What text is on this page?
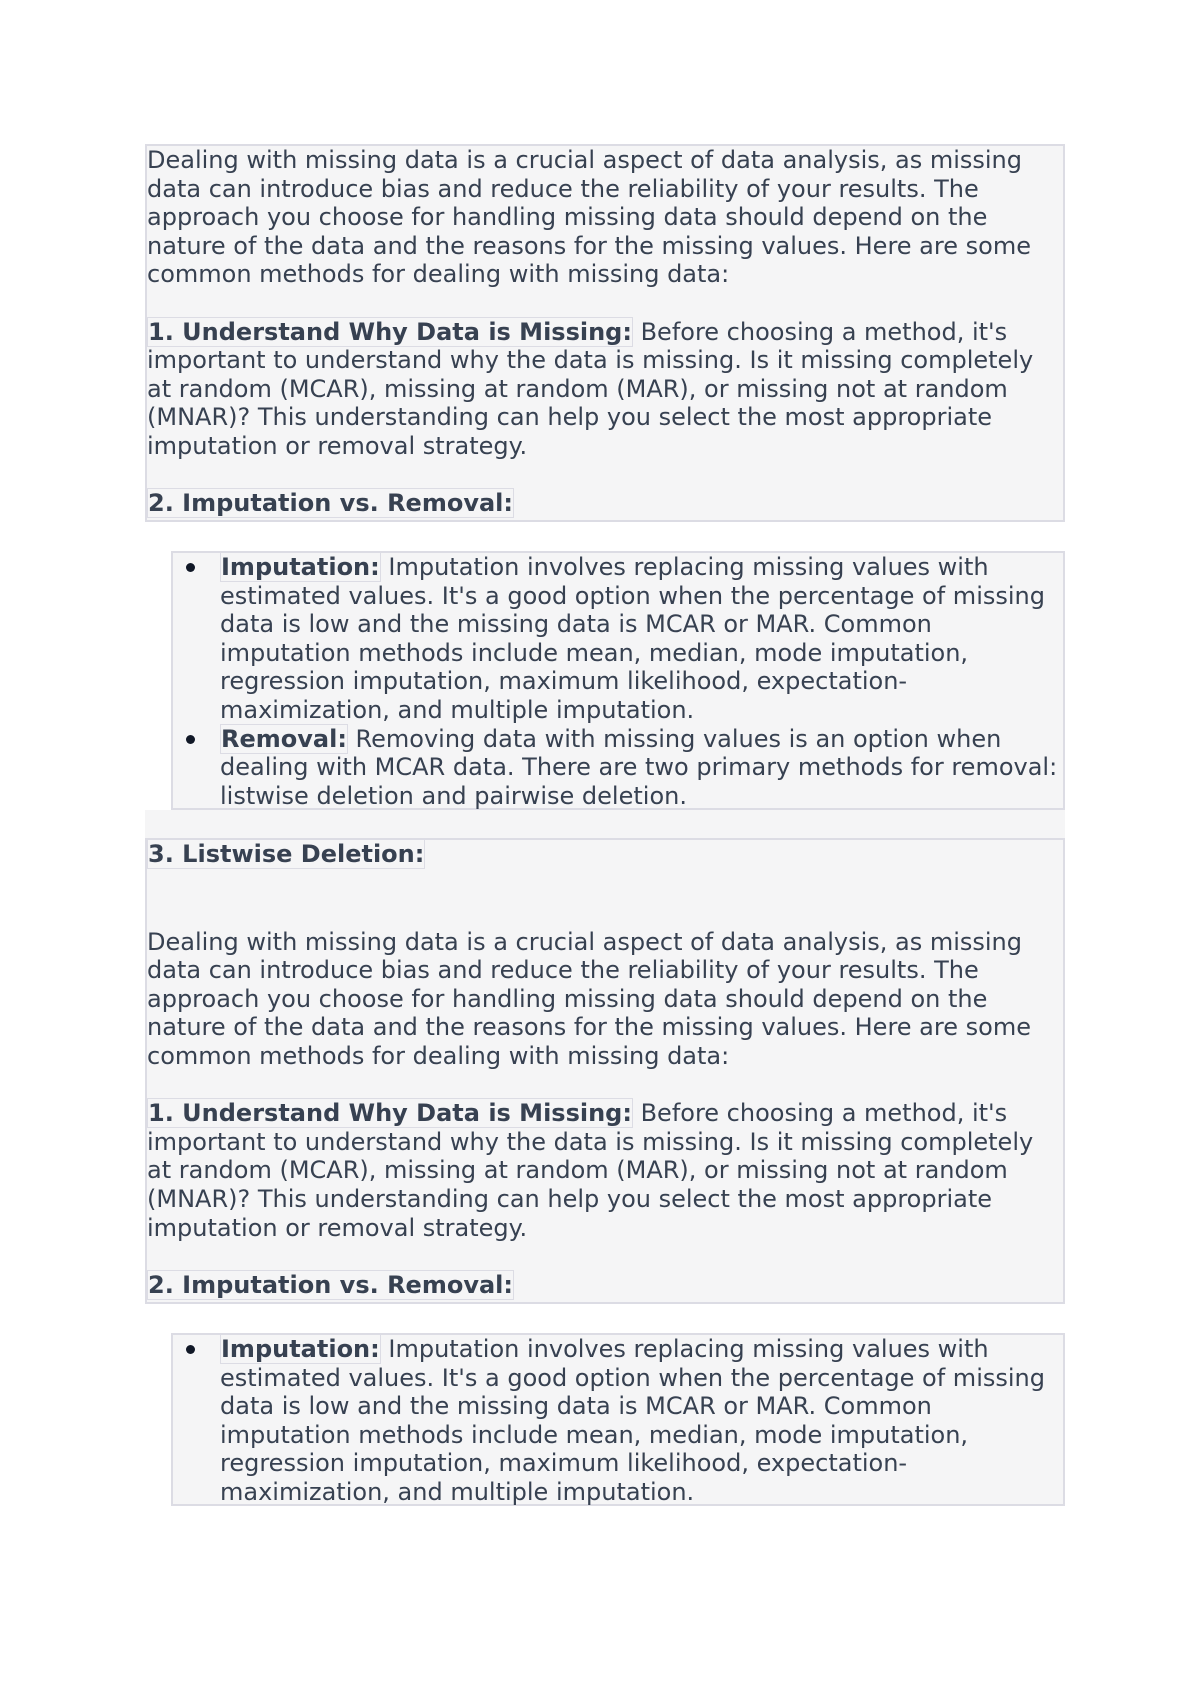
Dealing with missing data is a crucial aspect of data analysis, as missing data can introduce bias and reduce the reliability of your results. The approach you choose for handling missing data should depend on the nature of the data and the reasons for the missing values. Here are some common methods for dealing with missing data:

1. Understand Why Data is Missing: Before choosing a method, it's important to understand why the data is missing. Is it missing completely at random (MCAR), missing at random (MAR), or missing not at random (MNAR)? This understanding can help you select the most appropriate imputation or removal strategy.

2. Imputation vs. Removal:

Imputation: Imputation involves replacing missing values with estimated values. It's a good option when the percentage of missing data is low and the missing data is MCAR or MAR. Common imputation methods include mean, median, mode imputation, regression imputation, maximum likelihood, expectation-maximization, and multiple imputation.
Removal: Removing data with missing values is an option when dealing with MCAR data. There are two primary methods for removal: listwise deletion and pairwise deletion.

3. Listwise Deletion:

Dealing with missing data is a crucial aspect of data analysis, as missing data can introduce bias and reduce the reliability of your results. The approach you choose for handling missing data should depend on the nature of the data and the reasons for the missing values. Here are some common methods for dealing with missing data:

1. Understand Why Data is Missing: Before choosing a method, it's important to understand why the data is missing. Is it missing completely at random (MCAR), missing at random (MAR), or missing not at random (MNAR)? This understanding can help you select the most appropriate imputation or removal strategy.

2. Imputation vs. Removal:

Imputation: Imputation involves replacing missing values with estimated values. It's a good option when the percentage of missing data is low and the missing data is MCAR or MAR. Common imputation methods include mean, median, mode imputation, regression imputation, maximum likelihood, expectation-maximization, and multiple imputation.
